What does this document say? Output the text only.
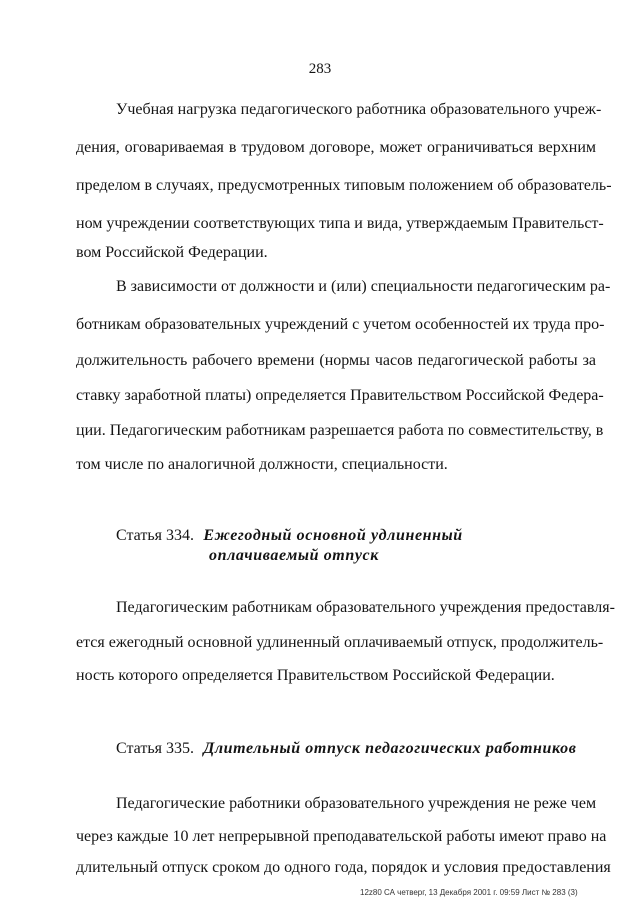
283
Учебная нагрузка педагогического работника образовательного учреж-
дения, оговариваемая в трудовом договоре, может ограничиваться верхним
пределом в случаях, предусмотренных типовым положением об образователь-
ном учреждении соответствующих типа и вида, утверждаемым Правительст-
вом Российской Федерации.
В зависимости от должности и (или) специальности педагогическим ра-
ботникам образовательных учреждений с учетом особенностей их труда про-
должительность рабочего времени (нормы часов педагогической работы за
ставку заработной платы) определяется Правительством Российской Федера-
ции. Педагогическим работникам разрешается работа по совместительству, в
том числе по аналогичной должности, специальности.
Статья 334. Ежегодный основной удлиненный
оплачиваемый отпуск
Педагогическим работникам образовательного учреждения предоставля-
ется ежегодный основной удлиненный оплачиваемый отпуск, продолжитель-
ность которого определяется Правительством Российской Федерации.
Статья 335. Длительный отпуск педагогических работников
Педагогические работники образовательного учреждения не реже чем
через каждые 10 лет непрерывной преподавательской работы имеют право на
длительный отпуск сроком до одного года, порядок и условия предоставления
12z80 СА четверг, 13 Декабря 2001 г. 09:59 Лист № 283 (3)
